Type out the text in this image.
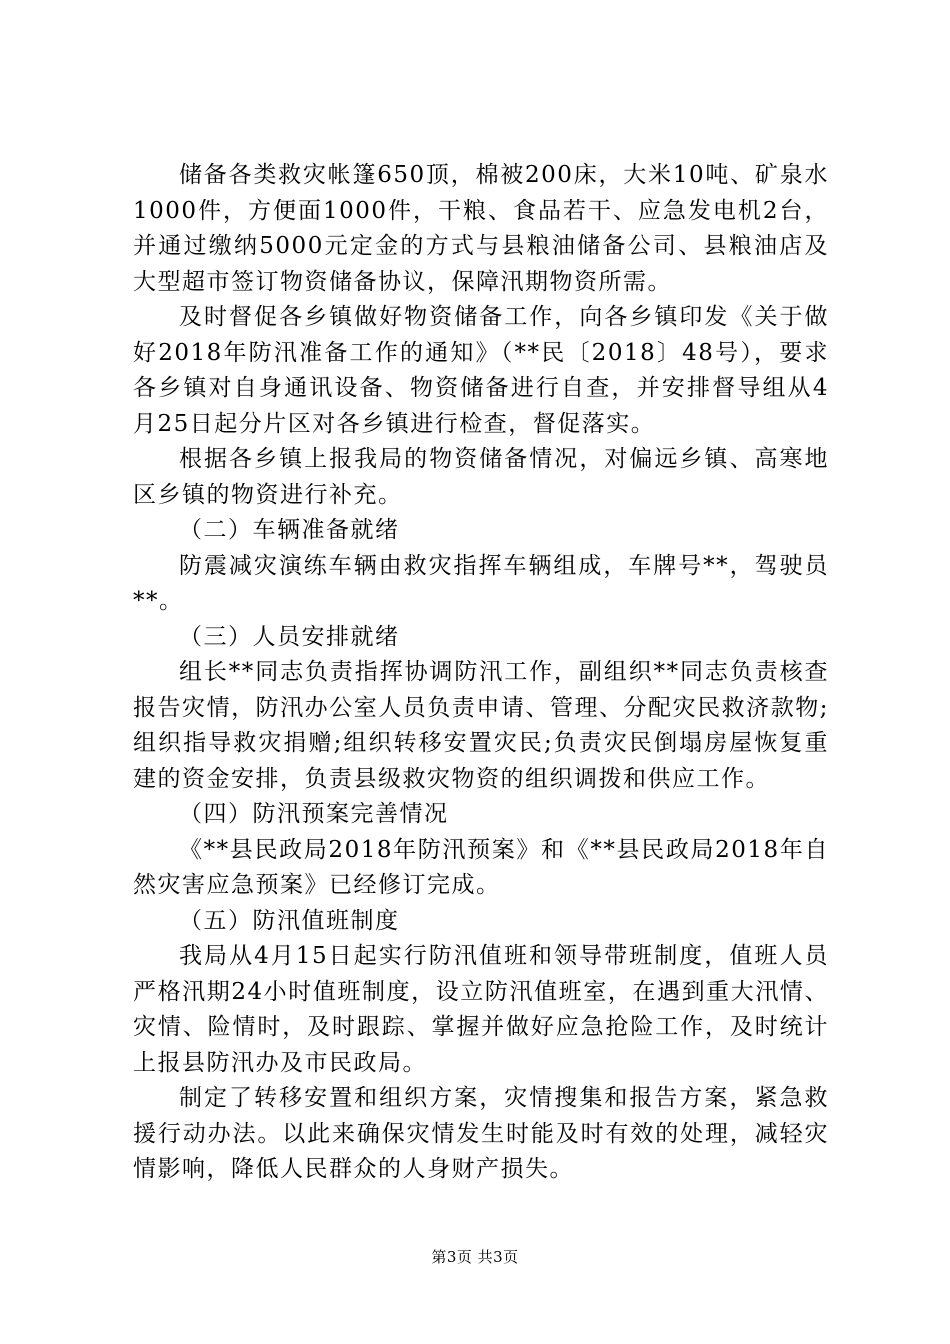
储备各类救灾帐篷650顶，棉被200床，大米10吨、矿泉水1000件，方便面1000件，干粮、食品若干、应急发电机2台，并通过缴纳5000元定金的方式与县粮油储备公司、县粮油店及大型超市签订物资储备协议，保障汛期物资所需。

及时督促各乡镇做好物资储备工作，向各乡镇印发《关于做好2018年防汛准备工作的通知》（**民〔2018〕48号），要求各乡镇对自身通讯设备、物资储备进行自查，并安排督导组从4月25日起分片区对各乡镇进行检查，督促落实。

根据各乡镇上报我局的物资储备情况，对偏远乡镇、高寒地区乡镇的物资进行补充。

（二）车辆准备就绪

防震减灾演练车辆由救灾指挥车辆组成，车牌号**，驾驶员**。

（三）人员安排就绪

组长**同志负责指挥协调防汛工作，副组织**同志负责核查报告灾情，防汛办公室人员负责申请、管理、分配灾民救济款物;组织指导救灾捐赠;组织转移安置灾民;负责灾民倒塌房屋恢复重建的资金安排，负责县级救灾物资的组织调拨和供应工作。

（四）防汛预案完善情况

《**县民政局2018年防汛预案》和《**县民政局2018年自然灾害应急预案》已经修订完成。

（五）防汛值班制度

我局从4月15日起实行防汛值班和领导带班制度，值班人员严格汛期24小时值班制度，设立防汛值班室，在遇到重大汛情、灾情、险情时，及时跟踪、掌握并做好应急抢险工作，及时统计上报县防汛办及市民政局。

制定了转移安置和组织方案，灾情搜集和报告方案，紧急救援行动办法。以此来确保灾情发生时能及时有效的处理，减轻灾情影响，降低人民群众的人身财产损失。

第3页 共3页
